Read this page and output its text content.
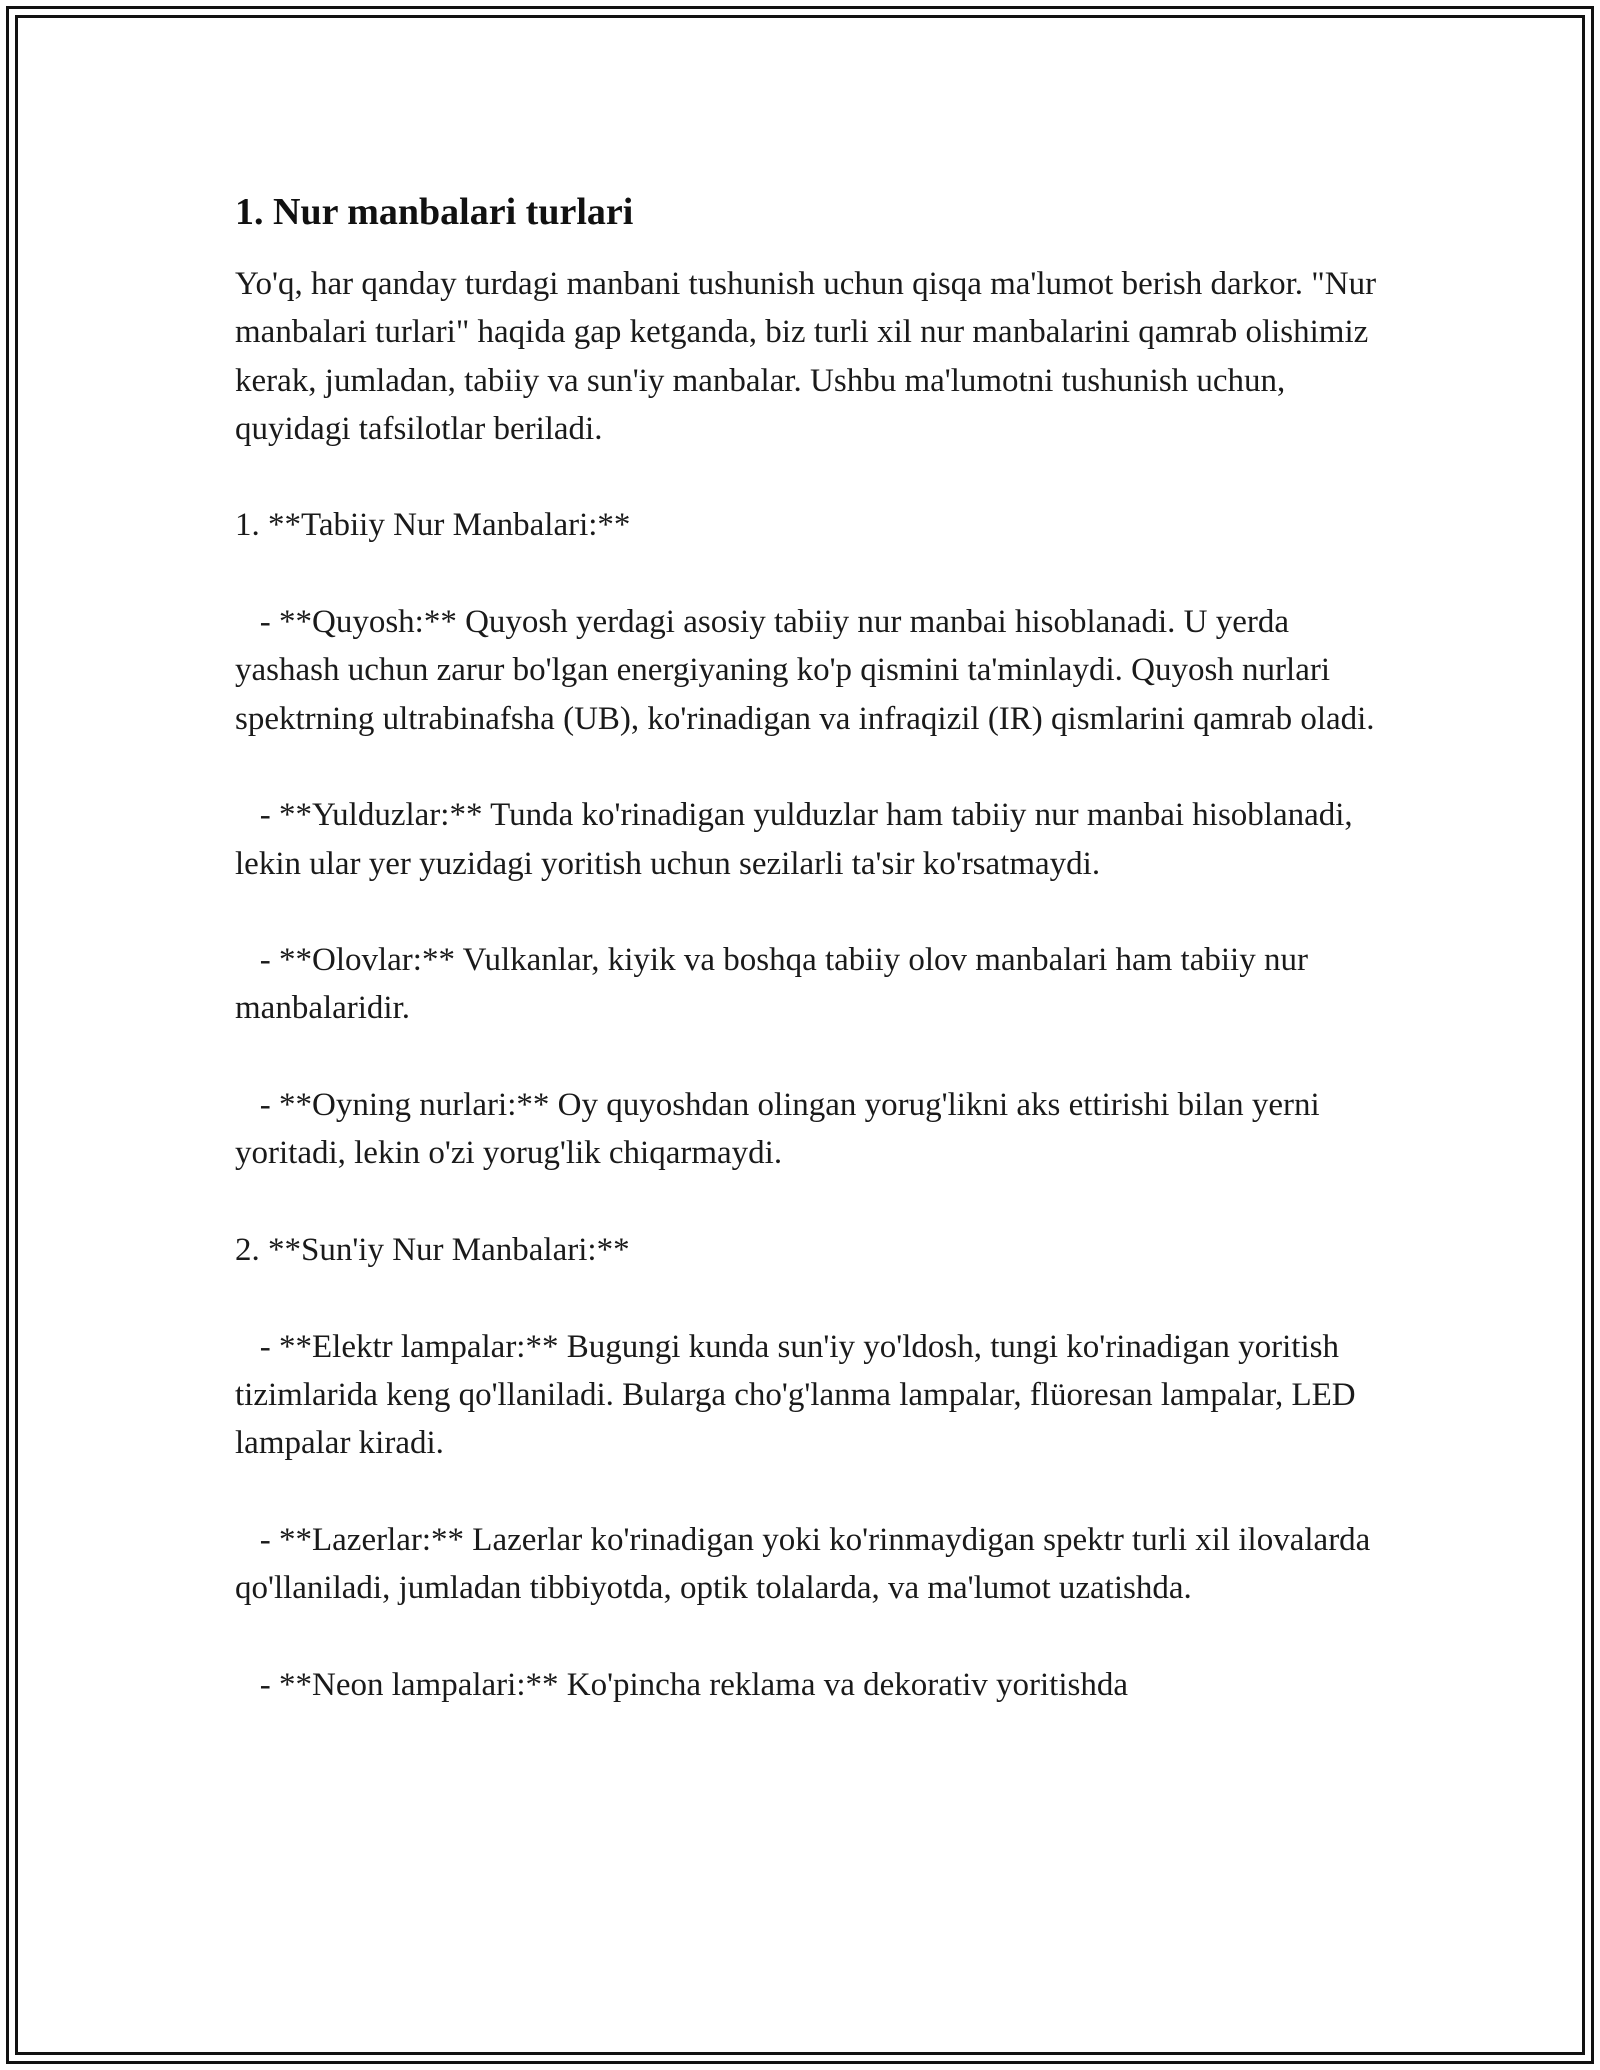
1. Nur manbalari turlari

Yo'q, har qanday turdagi manbani tushunish uchun qisqa ma'lumot berish darkor. "Nur manbalari turlari" haqida gap ketganda, biz turli xil nur manbalarini qamrab olishimiz kerak, jumladan, tabiiy va sun'iy manbalar. Ushbu ma'lumotni tushunish uchun, quyidagi tafsilotlar beriladi.

1. **Tabiiy Nur Manbalari:**

- **Quyosh:** Quyosh yerdagi asosiy tabiiy nur manbai hisoblanadi. U yerda yashash uchun zarur bo'lgan energiyaning ko'p qismini ta'minlaydi. Quyosh nurlari spektrning ultrabinafsha (UB), ko'rinadigan va infraqizil (IR) qismlarini qamrab oladi.

- **Yulduzlar:** Tunda ko'rinadigan yulduzlar ham tabiiy nur manbai hisoblanadi, lekin ular yer yuzidagi yoritish uchun sezilarli ta'sir ko'rsatmaydi.

- **Olovlar:** Vulkanlar, kiyik va boshqa tabiiy olov manbalari ham tabiiy nur manbalaridir.

- **Oyning nurlari:** Oy quyoshdan olingan yorug'likni aks ettirishi bilan yerni yoritadi, lekin o'zi yorug'lik chiqarmaydi.

2. **Sun'iy Nur Manbalari:**

- **Elektr lampalar:** Bugungi kunda sun'iy yo'ldosh, tungi ko'rinadigan yoritish tizimlarida keng qo'llaniladi. Bularga cho'g'lanma lampalar, flüoresan lampalar, LED lampalar kiradi.

- **Lazerlar:** Lazerlar ko'rinadigan yoki ko'rinmaydigan spektr turli xil ilovalarda qo'llaniladi, jumladan tibbiyotda, optik tolalarda, va ma'lumot uzatishda.

- **Neon lampalari:** Ko'pincha reklama va dekorativ yoritishda
